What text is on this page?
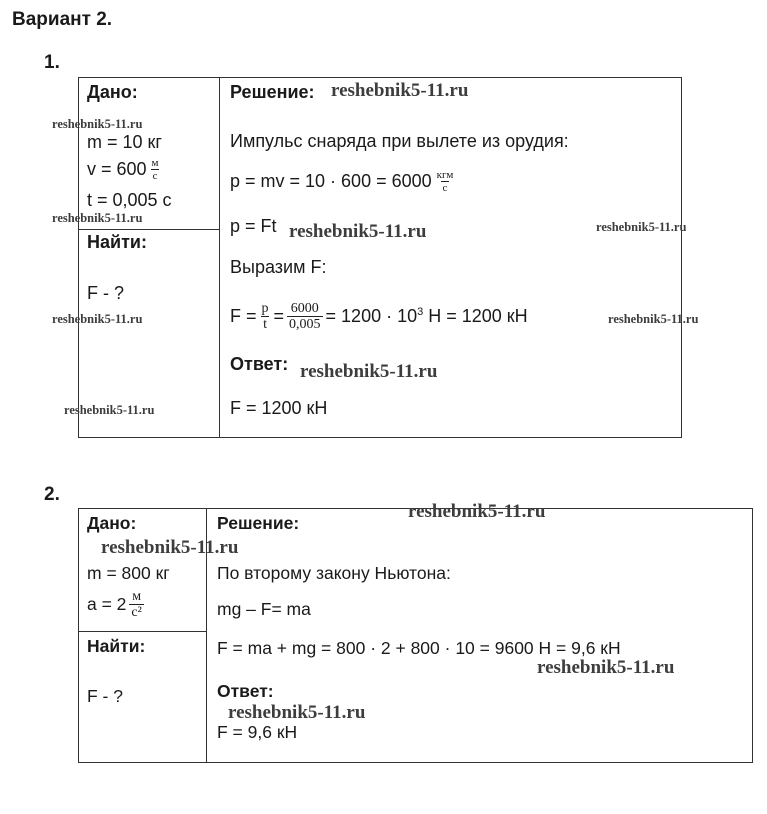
Вариант 2.
1.
Дано:
m = 10 кг
$v = 600 \frac{м}{с}$
t = 0,005 с
Найти:
F - ?
Решение:
Импульс снаряда при вылете из орудия:
p = mv = $10 \cdot 600 = 6000 \frac{\text{кгм}}{с}$
p = Ft
Выразим F:
$F = \frac{p}{t} = \frac{6000}{0,005} = 1200 \cdot 10^3$ Н = 1200 кН
Ответ:
F = 1200 кН
2.
Дано:
m = 800 кг
$a = 2 \frac{м}{\text{с²}}$
Найти:
F - ?
Решение:
По второму закону Ньютона:
mg – F= ma
F = ma + mg = 800 · 2 + 800 · 10 = 9600 Н = 9,6 кН
Ответ:
F = 9,6 кН
reshebnik5-11.ru
reshebnik5-11.ru
reshebnik5-11.ru
reshebnik5-11.ru
reshebnik5-11.ru
reshebnik5-11.ru
reshebnik5-11.ru
reshebnik5-11.ru
reshebnik5-11.ru
reshebnik5-11.ru
reshebnik5-11.ru
reshebnik5-11.ru
reshebnik5-11.ru
